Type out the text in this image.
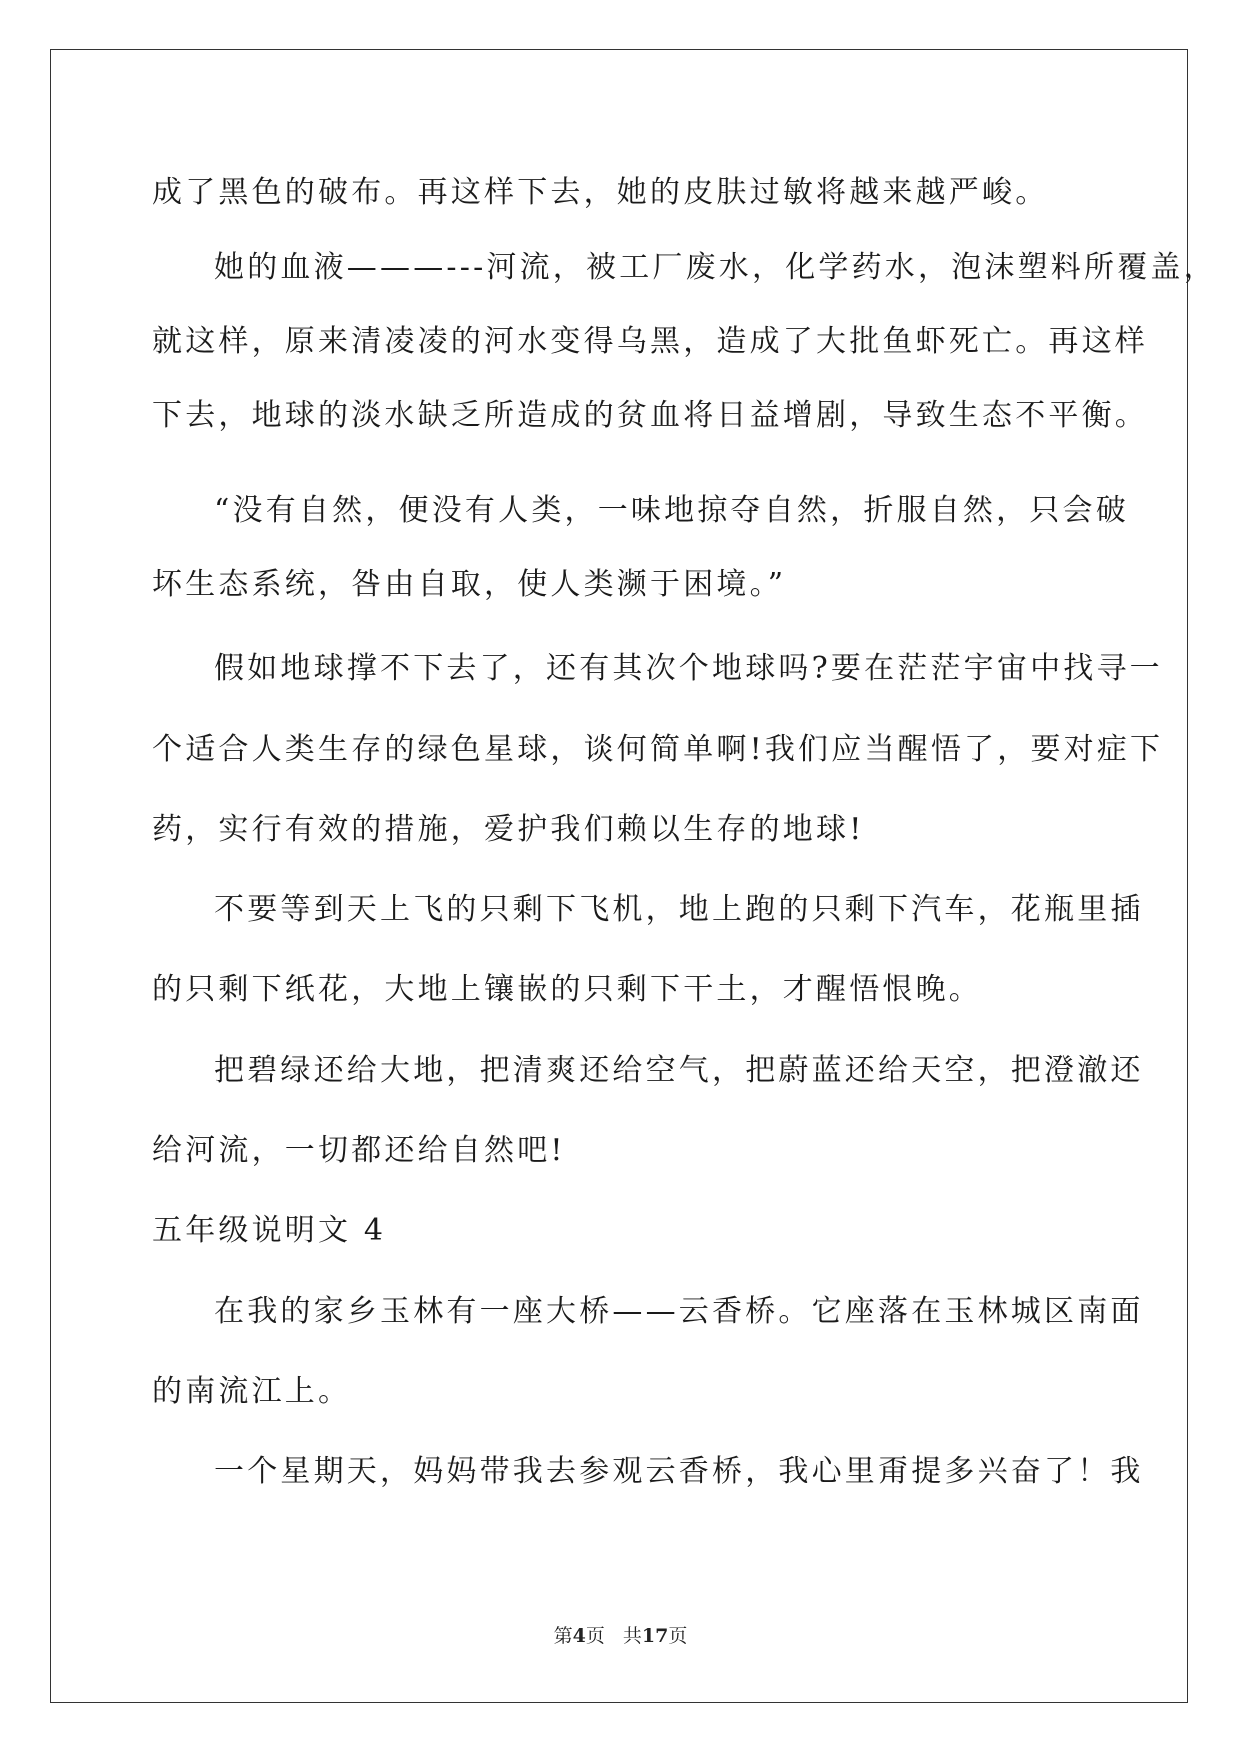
成了黑色的破布。再这样下去，她的皮肤过敏将越来越严峻。
她的血液———---河流，被工厂废水，化学药水，泡沫塑料所覆盖，
就这样，原来清凌凌的河水变得乌黑，造成了大批鱼虾死亡。再这样
下去，地球的淡水缺乏所造成的贫血将日益增剧，导致生态不平衡。
“没有自然，便没有人类，一味地掠夺自然，折服自然，只会破
坏生态系统，咎由自取，使人类濒于困境。”
假如地球撑不下去了，还有其次个地球吗?要在茫茫宇宙中找寻一
个适合人类生存的绿色星球，谈何简单啊!我们应当醒悟了，要对症下
药，实行有效的措施，爱护我们赖以生存的地球!
不要等到天上飞的只剩下飞机，地上跑的只剩下汽车，花瓶里插
的只剩下纸花，大地上镶嵌的只剩下干土，才醒悟恨晚。
把碧绿还给大地，把清爽还给空气，把蔚蓝还给天空，把澄澈还
给河流，一切都还给自然吧!
五年级说明文 4
在我的家乡玉林有一座大桥——云香桥。它座落在玉林城区南面
的南流江上。
一个星期天，妈妈带我去参观云香桥，我心里甭提多兴奋了！我
第4页 共17页
